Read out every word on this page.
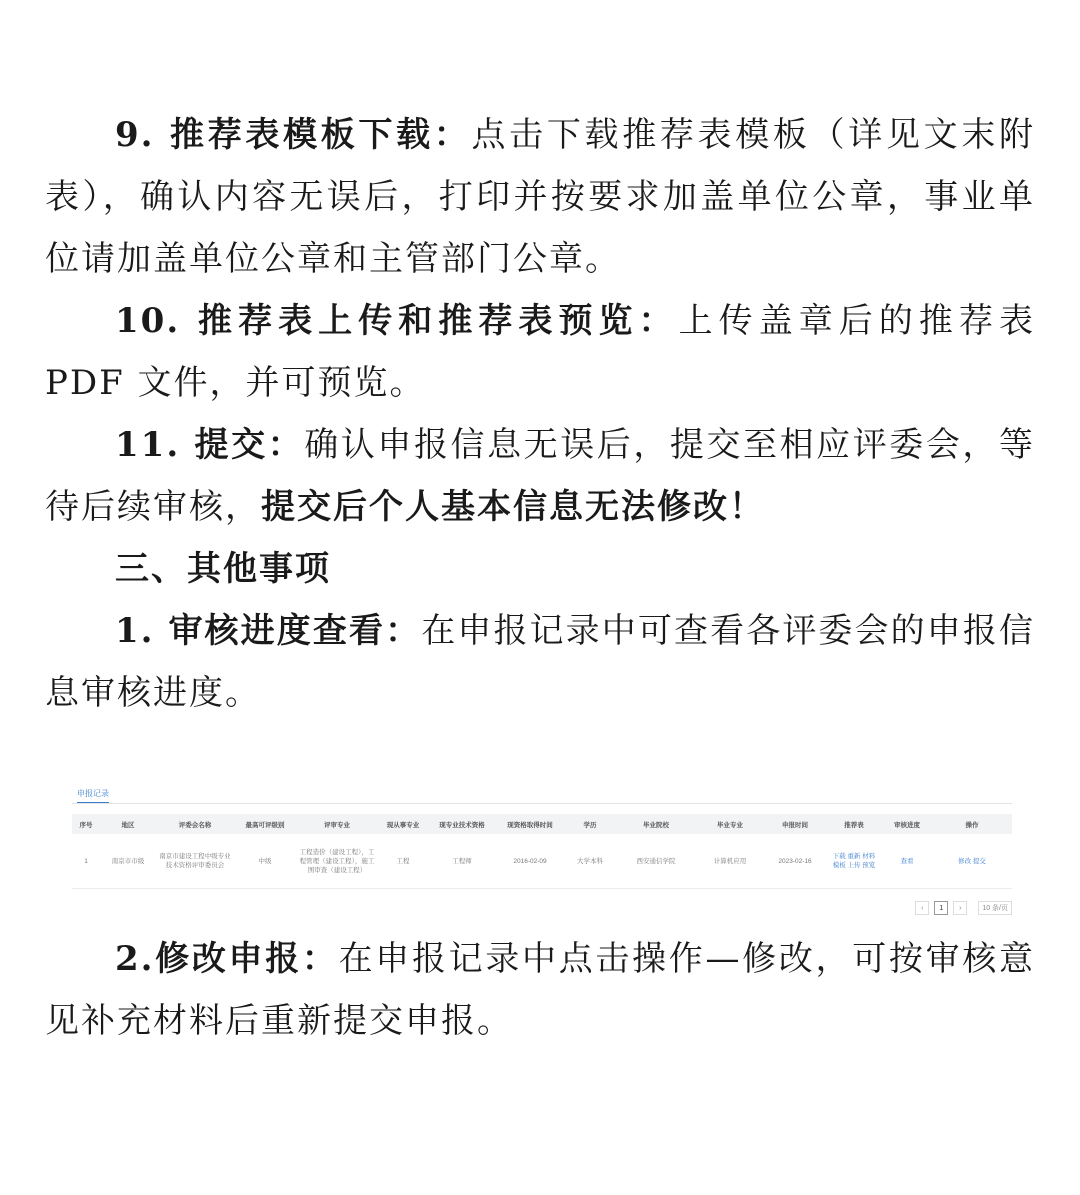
9. 推荐表模板下载：点击下载推荐表模板（详见文末附表），确认内容无误后，打印并按要求加盖单位公章，事业单位请加盖单位公章和主管部门公章。

10. 推荐表上传和推荐表预览：上传盖章后的推荐表 PDF 文件，并可预览。

11. 提交：确认申报信息无误后，提交至相应评委会，等待后续审核，提交后个人基本信息无法修改！

三、其他事项

1. 审核进度查看：在申报记录中可查看各评委会的申报信息审核进度。

申报记录
序号	地区	评委会名称	最高可评级别	评审专业	现从事专业	现专业技术资格	现资格取得时间	学历	毕业院校	毕业专业	申报时间	推荐表	审核进度	操作
1	南京市市级	南京市建设工程中级专业技术资格评审委员会	中级	工程造价（建设工程），工程管理（建设工程），施工图审查（建设工程）	工程	工程师	2016-02-09	大学本科	西安通信学院	计算机应用	2023-02-16	下载 重新 材料 模板 上传 预览	查看	修改 提交
‹	1	›	10 条/页

2.修改申报：在申报记录中点击操作—修改，可按审核意见补充材料后重新提交申报。
